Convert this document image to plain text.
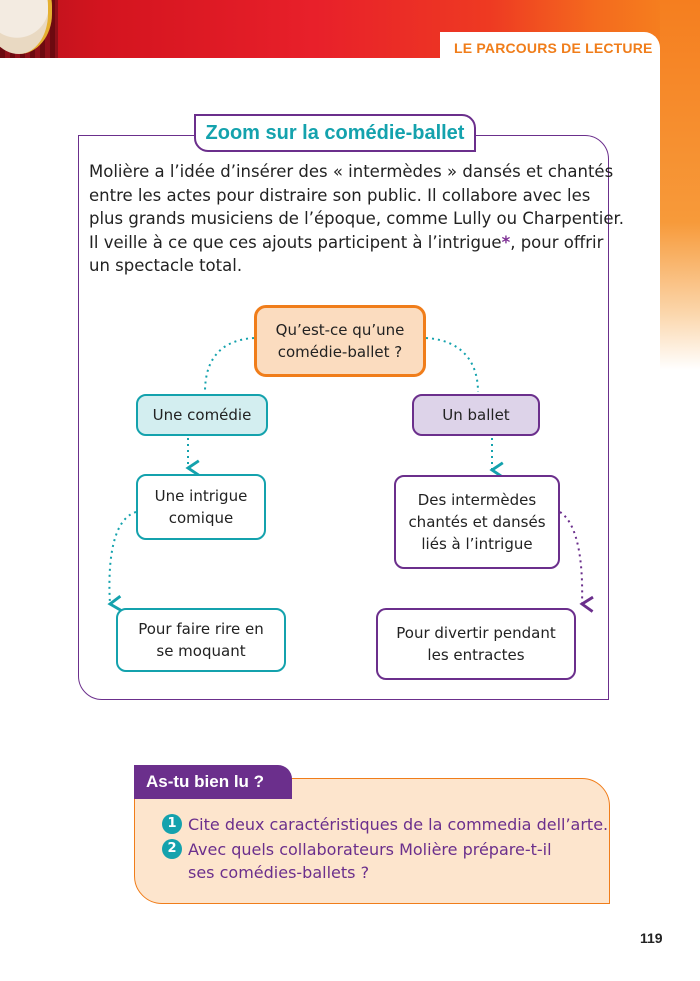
LE PARCOURS DE LECTURE
Zoom sur la comédie-ballet

Molière a l’idée d’insérer des « intermèdes » dansés et chantés

entre les actes pour distraire son public. Il collabore avec les

plus grands musiciens de l’époque, comme Lully ou Charpentier.

Il veille à ce que ces ajouts participent à l’intrigue*, pour offrir

un spectacle total.

Qu’est-ce qu’une
comédie-ballet ?
Une comédie	Un ballet
Une intrigue
comique
Des intermèdes
chantés et dansés
liés à l’intrigue
Pour faire rire en
se moquant
Pour divertir pendant
les entractes
As-tu bien lu ?
1 Cite deux caractéristiques de la commedia dell’arte.
2 Avec quels collaborateurs Molière prépare-t-il
ses comédies-ballets ?
119
